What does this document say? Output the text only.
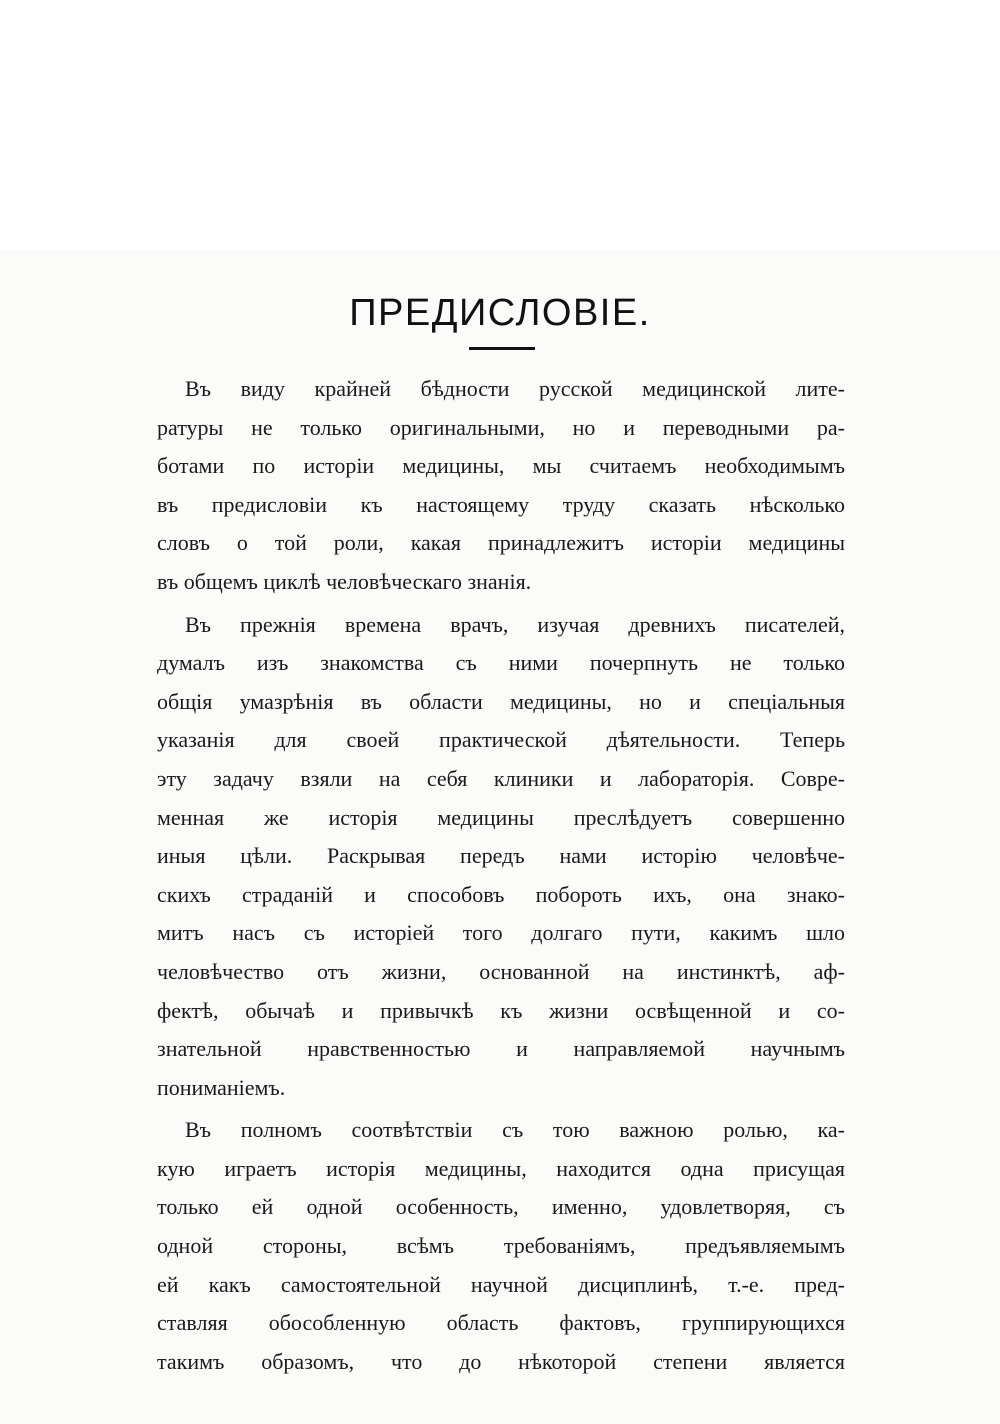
ПРЕДИСЛОВІЕ.
Въ виду крайней бѣдности русской медицинской лите-
ратуры не только оригинальными, но и переводными ра-
ботами по исторіи медицины, мы считаемъ необходимымъ
въ предисловіи къ настоящему труду сказать нѣсколько
словъ о той роли, какая принадлежитъ исторіи медицины
въ общемъ циклѣ человѣческаго знанія.
Въ прежнія времена врачъ, изучая древнихъ писателей,
думалъ изъ знакомства съ ними почерпнуть не только
общія умазрѣнія въ области медицины, но и спеціальныя
указанія для своей практической дѣятельности. Теперь
эту задачу взяли на себя клиники и лабораторія. Совре-
менная же исторія медицины преслѣдуетъ совершенно
иныя цѣли. Раскрывая передъ нами исторію человѣче-
скихъ страданій и способовъ побороть ихъ, она знако-
митъ насъ съ исторіей того долгаго пути, какимъ шло
человѣчество отъ жизни, основанной на инстинктѣ, аф-
фектѣ, обычаѣ и привычкѣ къ жизни освѣщенной и со-
знательной нравственностью и направляемой научнымъ
пониманіемъ.
Въ полномъ соотвѣтствіи съ тою важною ролью, ка-
кую играетъ исторія медицины, находится одна присущая
только ей одной особенность, именно, удовлетворяя, съ
одной стороны, всѣмъ требованіямъ, предъявляемымъ
ей какъ самостоятельной научной дисциплинѣ, т.-е. пред-
ставляя обособленную область фактовъ, группирующихся
такимъ образомъ, что до нѣкоторой степени является
